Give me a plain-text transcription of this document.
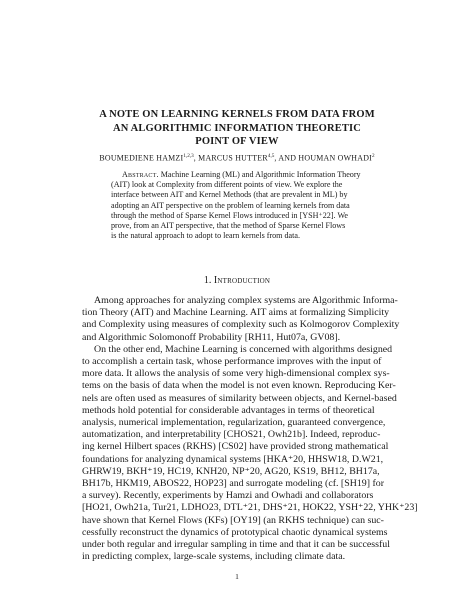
A NOTE ON LEARNING KERNELS FROM DATA FROM
AN ALGORITHMIC INFORMATION THEORETIC
POINT OF VIEW
BOUMEDIENE HAMZI$^{1,2,3}$, MARCUS HUTTER$^{4,5}$, AND HOUMAN OWHADI$^2$
Abstract. Machine Learning (ML) and Algorithmic Information Theory
(AIT) look at Complexity from different points of view. We explore the
interface between AIT and Kernel Methods (that are prevalent in ML) by
adopting an AIT perspective on the problem of learning kernels from data
through the method of Sparse Kernel Flows introduced in [YSH⁺22]. We
prove, from an AIT perspective, that the method of Sparse Kernel Flows
is the natural approach to adopt to learn kernels from data.
1. Introduction
Among approaches for analyzing complex systems are Algorithmic Informa-
tion Theory (AIT) and Machine Learning. AIT aims at formalizing Simplicity
and Complexity using measures of complexity such as Kolmogorov Complexity
and Algorithmic Solomonoff Probability [RH11, Hut07a, GV08].
On the other end, Machine Learning is concerned with algorithms designed
to accomplish a certain task, whose performance improves with the input of
more data. It allows the analysis of some very high-dimensional complex sys-
tems on the basis of data when the model is not even known. Reproducing Ker-
nels are often used as measures of similarity between objects, and Kernel-based
methods hold potential for considerable advantages in terms of theoretical
analysis, numerical implementation, regularization, guaranteed convergence,
automatization, and interpretability [CHOS21, Owh21b]. Indeed, reproduc-
ing kernel Hilbert spaces (RKHS) [CS02] have provided strong mathematical
foundations for analyzing dynamical systems [HKA⁺20, HHSW18, D.W21,
GHRW19, BKH⁺19, HC19, KNH20, NP⁺20, AG20, KS19, BH12, BH17a,
BH17b, HKM19, ABOS22, HOP23] and surrogate modeling (cf. [SH19] for
a survey). Recently, experiments by Hamzi and Owhadi and collaborators
[HO21, Owh21a, Tur21, LDHO23, DTL⁺21, DHS⁺21, HOK22, YSH⁺22, YHK⁺23]
have shown that Kernel Flows (KFs) [OY19] (an RKHS technique) can suc-
cessfully reconstruct the dynamics of prototypical chaotic dynamical systems
under both regular and irregular sampling in time and that it can be successful
in predicting complex, large-scale systems, including climate data.
1
